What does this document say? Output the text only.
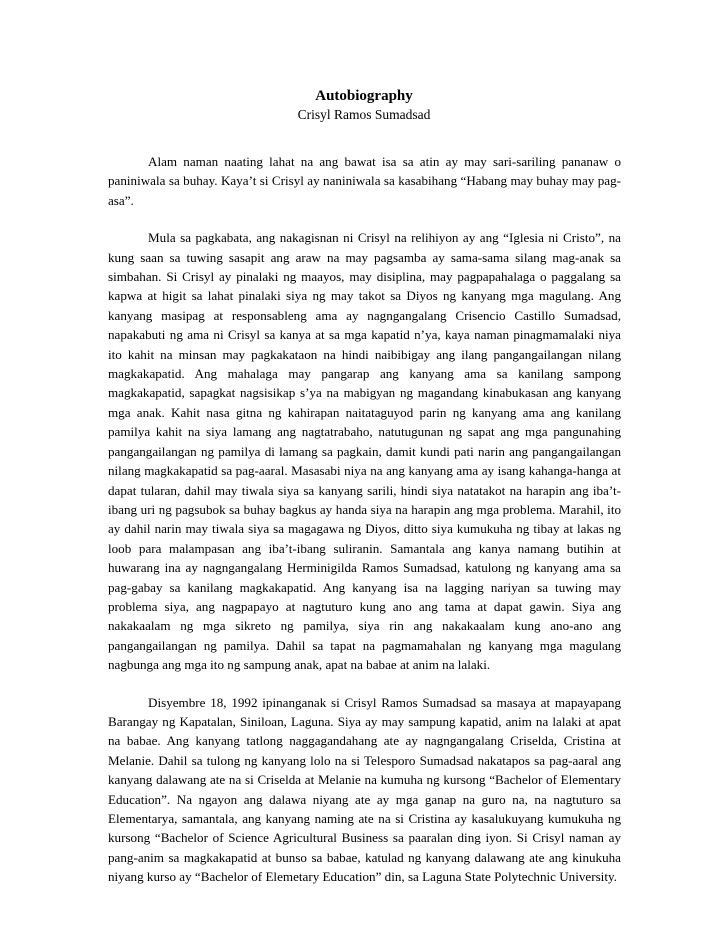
Autobiography

Crisyl Ramos Sumadsad

Alam naman naating lahat na ang bawat isa sa atin ay may sari-sariling pananaw o paniniwala sa buhay. Kaya’t si Crisyl ay naniniwala sa kasabihang “Habang may buhay may pag-asa”.

Mula sa pagkabata, ang nakagisnan ni Crisyl na relihiyon ay ang “Iglesia ni Cristo”, na kung saan sa tuwing sasapit ang araw na may pagsamba ay sama-sama silang mag-anak sa simbahan. Si Crisyl ay pinalaki ng maayos, may disiplina, may pagpapahalaga o paggalang sa kapwa at higit sa lahat pinalaki siya ng may takot sa Diyos ng kanyang mga magulang. Ang kanyang masipag at responsableng ama ay nagngangalang Crisencio Castillo Sumadsad, napakabuti ng ama ni Crisyl sa kanya at sa mga kapatid n’ya, kaya naman pinagmamalaki niya ito kahit na minsan may pagkakataon na hindi naibibigay ang ilang pangangailangan nilang magkakapatid. Ang mahalaga may pangarap ang kanyang ama sa kanilang sampong magkakapatid, sapagkat nagsisikap s’ya na mabigyan ng magandang kinabukasan ang kanyang mga anak. Kahit nasa gitna ng kahirapan naitataguyod parin ng kanyang ama ang kanilang pamilya kahit na siya lamang ang nagtatrabaho, natutugunan ng sapat ang mga pangunahing pangangailangan ng pamilya di lamang sa pagkain, damit kundi pati narin ang pangangailangan nilang magkakapatid sa pag-aaral. Masasabi niya na ang kanyang ama ay isang kahanga-hanga at dapat tularan, dahil may tiwala siya sa kanyang sarili, hindi siya natatakot na harapin ang iba’t-ibang uri ng pagsubok sa buhay bagkus ay handa siya na harapin ang mga problema. Marahil, ito ay dahil narin may tiwala siya sa magagawa ng Diyos, ditto siya kumukuha ng tibay at lakas ng loob para malampasan ang iba’t-ibang suliranin. Samantala ang kanya namang butihin at huwarang ina ay nagngangalang Herminigilda Ramos Sumadsad, katulong ng kanyang ama sa pag-gabay sa kanilang magkakapatid. Ang kanyang isa na lagging nariyan sa tuwing may problema siya, ang nagpapayo at nagtuturo kung ano ang tama at dapat gawin. Siya ang nakakaalam ng mga sikreto ng pamilya, siya rin ang nakakaalam kung ano-ano ang pangangailangan ng pamilya. Dahil sa tapat na pagmamahalan ng kanyang mga magulang nagbunga ang mga ito ng sampung anak, apat na babae at anim na lalaki.

Disyembre 18, 1992 ipinanganak si Crisyl Ramos Sumadsad sa masaya at mapayapang Barangay ng Kapatalan, Siniloan, Laguna. Siya ay may sampung kapatid, anim na lalaki at apat na babae. Ang kanyang tatlong naggagandahang ate ay nagngangalang Criselda, Cristina at Melanie. Dahil sa tulong ng kanyang lolo na si Telesporo Sumadsad nakatapos sa pag-aaral ang kanyang dalawang ate na si Criselda at Melanie na kumuha ng kursong “Bachelor of Elementary Education”. Na ngayon ang dalawa niyang ate ay mga ganap na guro na, na nagtuturo sa Elementarya, samantala, ang kanyang naming ate na si Cristina ay kasalukuyang kumukuha ng kursong “Bachelor of Science Agricultural Business sa paaralan ding iyon. Si Crisyl naman ay pang-anim sa magkakapatid at bunso sa babae, katulad ng kanyang dalawang ate ang kinukuha niyang kurso ay “Bachelor of Elemetary Education” din, sa Laguna State Polytechnic University.
